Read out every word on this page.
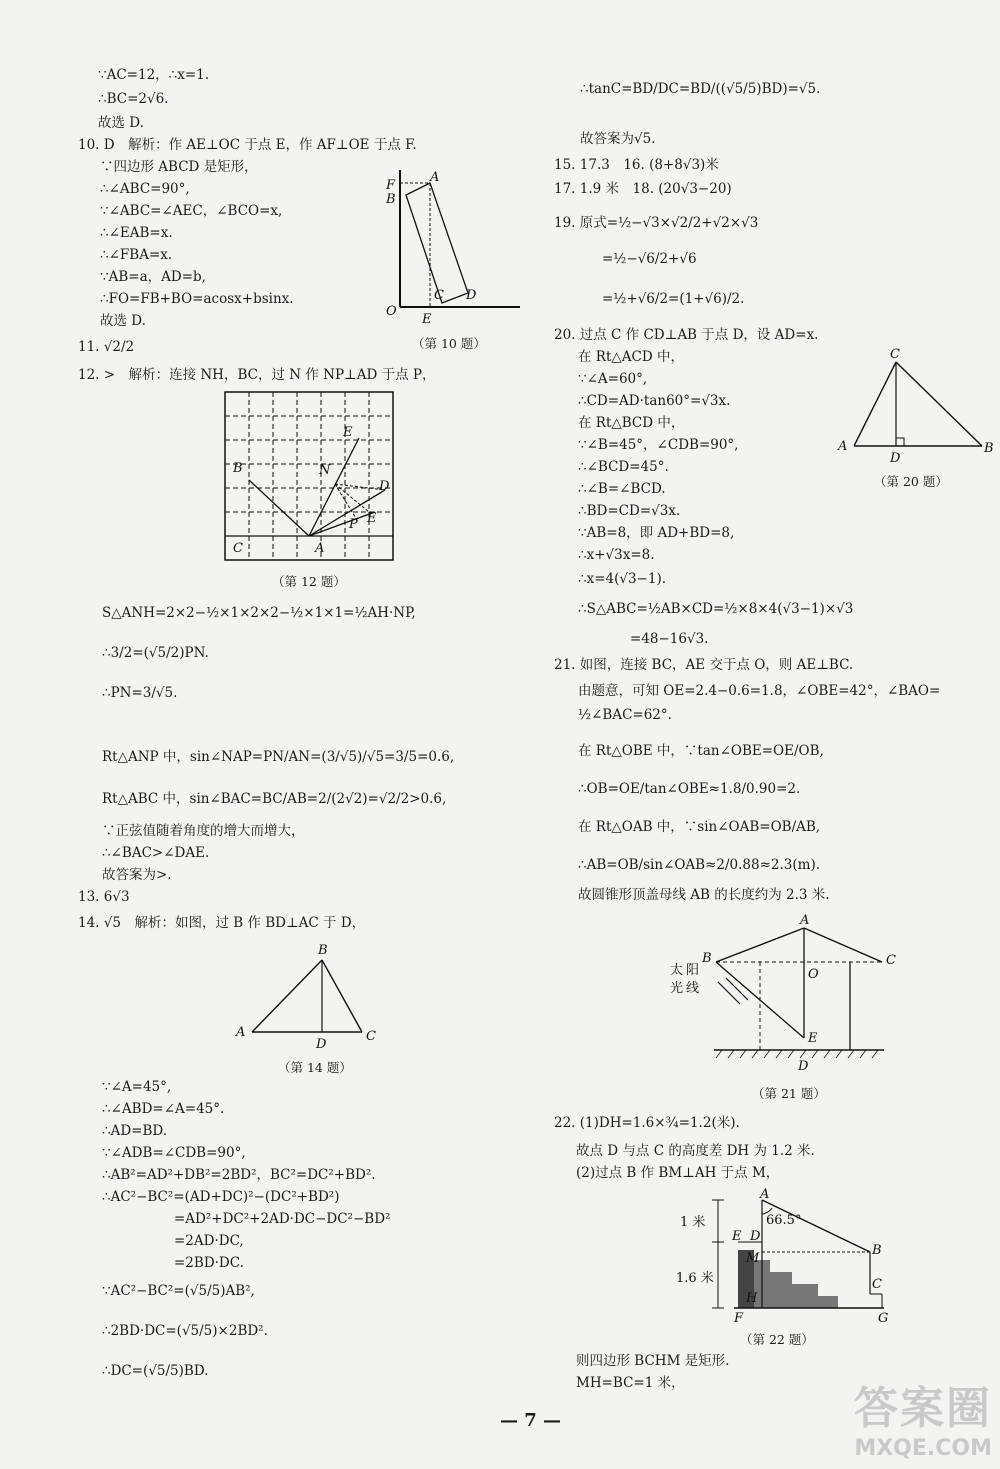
∵AC=12，∴x=1.
∴BC=2√6.
故选 D.
10. D　解析：作 AE⊥OC 于点 E，作 AF⊥OE 于点 F.
∵四边形 ABCD 是矩形，
∴∠ABC=90°,
∵∠ABC=∠AEC，∠BCO=x,
∴∠EAB=x.
∴∠FBA=x.
∵AB=a，AD=b,
∴FO=FB+BO=acosx+bsinx.
故选 D.
11. √2/2
12. >　解析：连接 NH，BC，过 N 作 NP⊥AD 于点 P，
S△ANH=2×2−½×1×2×2−½×1×1=½AH·NP,
∴3/2=(√5/2)PN.
∴PN=3/√5.
Rt△ANP 中，sin∠NAP=PN/AN=(3/√5)/√5=3/5=0.6,
Rt△ABC 中，sin∠BAC=BC/AB=2/(2√2)=√2/2>0.6,
∵正弦值随着角度的增大而增大，
∴∠BAC>∠DAE.
故答案为>.
13. 6√3
14. √5　解析：如图，过 B 作 BD⊥AC 于 D，
∵∠A=45°,
∴∠ABD=∠A=45°.
∴AD=BD.
∵∠ADB=∠CDB=90°,
∴AB²=AD²+DB²=2BD²，BC²=DC²+BD².
∴AC²−BC²=(AD+DC)²−(DC²+BD²)
=AD²+DC²+2AD·DC−DC²−BD²
=2AD·DC,
=2BD·DC.
∵AC²−BC²=(√5/5)AB²,
∴2BD·DC=(√5/5)×2BD².
∴DC=(√5/5)BD.
F
A
B
C
O
E
D
（第 10 题）
E
B	N
D
E
P
C	A
（第 12 题）
B
A
D
C
（第 14 题）
∴tanC=BD/DC=BD/((√5/5)BD)=√5.
故答案为√5.
15. 17.3　16. (8+8√3)米
17. 1.9 米　18. (20√3−20)
19. 原式=½−√3×√2/2+√2×√3
=½−√6/2+√6
=½+√6/2=(1+√6)/2.
20. 过点 C 作 CD⊥AB 于点 D，设 AD=x.
在 Rt△ACD 中，
∵∠A=60°,
∴CD=AD·tan60°=√3x.
在 Rt△BCD 中，
∵∠B=45°，∠CDB=90°,
∴∠BCD=45°.
∴∠B=∠BCD.
∴BD=CD=√3x.
∵AB=8，即 AD+BD=8,
∴x+√3x=8.
∴x=4(√3−1).
∴S△ABC=½AB×CD=½×8×4(√3−1)×√3
=48−16√3.
21. 如图，连接 BC，AE 交于点 O，则 AE⊥BC.
由题意，可知 OE=2.4−0.6=1.8，∠OBE=42°，∠BAO=
½∠BAC=62°.
在 Rt△OBE 中，∵tan∠OBE=OE/OB,
∴OB=OE/tan∠OBE≈1.8/0.90=2.
在 Rt△OAB 中，∵sin∠OAB=OB/AB,
∴AB=OB/sin∠OAB≈2/0.88≈2.3(m).
故圆锥形顶盖母线 AB 的长度约为 2.3 米.
22. (1)DH=1.6×¾=1.2(米).
故点 D 与点 C 的高度差 DH 为 1.2 米.
(2)过点 B 作 BM⊥AH 于点 M，
则四边形 BCHM 是矩形.
MH=BC=1 米，
C
A
D
B
（第 20 题）
A
B
O
C
E
D
太 阳
光 线
（第 21 题）
A
1 米
E
66.5°
D
M
B
1.6 米	C
H
F	G
（第 22 题）
— 7 —	答案圈
MXQE.COM
